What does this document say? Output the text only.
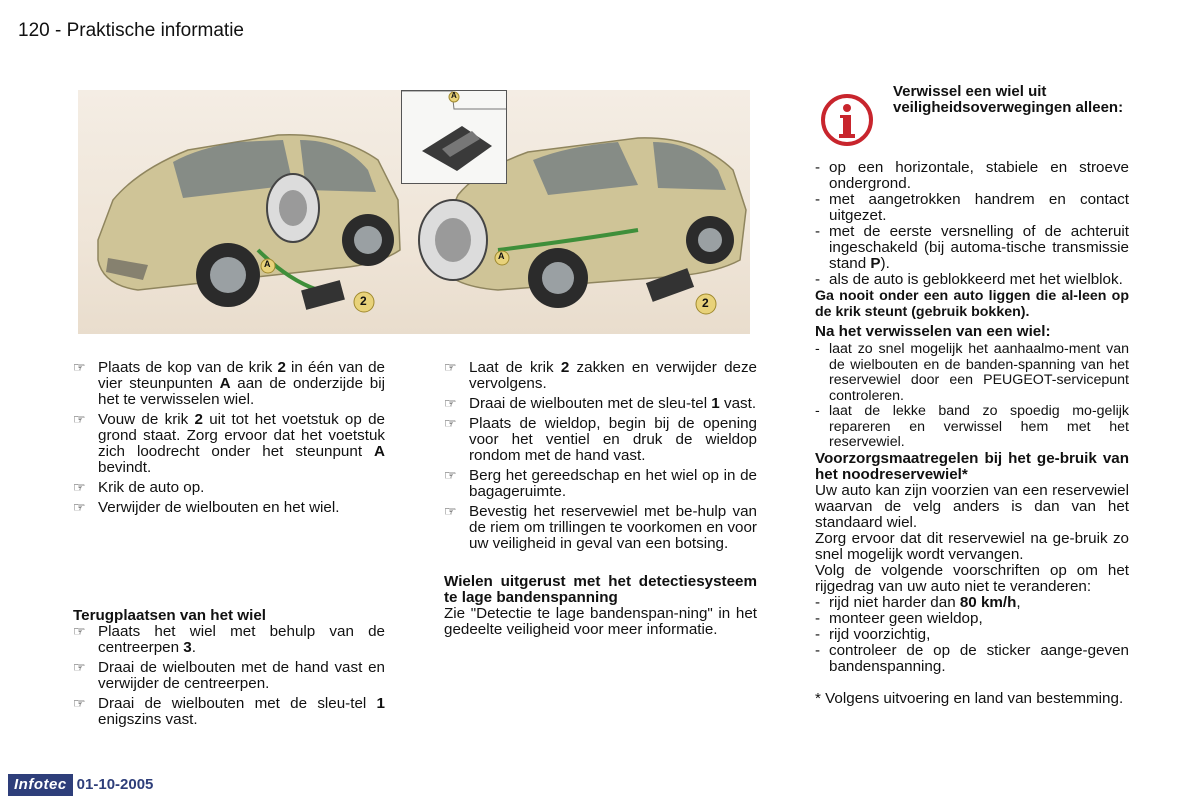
120 - Praktische informatie
2	2
A
A
A
☞ Plaats de kop van de krik 2 in één van de vier steunpunten A aan de onderzijde bij het te verwisselen wiel.
☞ Vouw de krik 2 uit tot het voetstuk op de grond staat. Zorg ervoor dat het voetstuk zich loodrecht onder het steunpunt A bevindt.
☞ Krik de auto op.
☞ Verwijder de wielbouten en het wiel.

Terugplaatsen van het wiel

☞ Plaats het wiel met behulp van de centreerpen 3.
☞ Draai de wielbouten met de hand vast en verwijder de centreerpen.
☞ Draai de wielbouten met de sleu-tel 1 enigszins vast.
☞ Laat de krik 2 zakken en verwijder deze vervolgens.
☞ Draai de wielbouten met de sleu-tel 1 vast.
☞ Plaats de wieldop, begin bij de opening voor het ventiel en druk de wieldop rondom met de hand vast.
☞ Berg het gereedschap en het wiel op in de bagageruimte.
☞ Bevestig het reservewiel met be-hulp van de riem om trillingen te voorkomen en voor uw veiligheid in geval van een botsing.

Wielen uitgerust met het detectiesysteem te lage bandenspanning

Zie "Detectie te lage bandenspan-ning" in het gedeelte veiligheid voor meer informatie.

Verwissel een wiel uit veiligheidsoverwegingen alleen:
- op een horizontale, stabiele en stroeve ondergrond.
- met aangetrokken handrem en contact uitgezet.
- met de eerste versnelling of de achteruit ingeschakeld (bij automa-tische transmissie stand P).
- als de auto is geblokkeerd met het wielblok.

Ga nooit onder een auto liggen die al-leen op de krik steunt (gebruik bokken).

Na het verwisselen van een wiel:

- laat zo snel mogelijk het aanhaalmo-ment van de wielbouten en de banden-spanning van het reservewiel door een PEUGEOT-servicepunt controleren.
- laat de lekke band zo spoedig mo-gelijk repareren en verwissel hem met het reservewiel.

Voorzorgsmaatregelen bij het ge-bruik van het noodreservewiel*

Uw auto kan zijn voorzien van een reservewiel waarvan de velg anders is dan van het standaard wiel.

Zorg ervoor dat dit reservewiel na ge-bruik zo snel mogelijk wordt vervangen.

Volg de volgende voorschriften op om het rijgedrag van uw auto niet te veranderen:

- rijd niet harder dan 80 km/h,
- monteer geen wieldop,
- rijd voorzichtig,
- controleer de op de sticker aange-geven bandenspanning.

* Volgens uitvoering en land van bestemming.

Infotec 01-10-2005
